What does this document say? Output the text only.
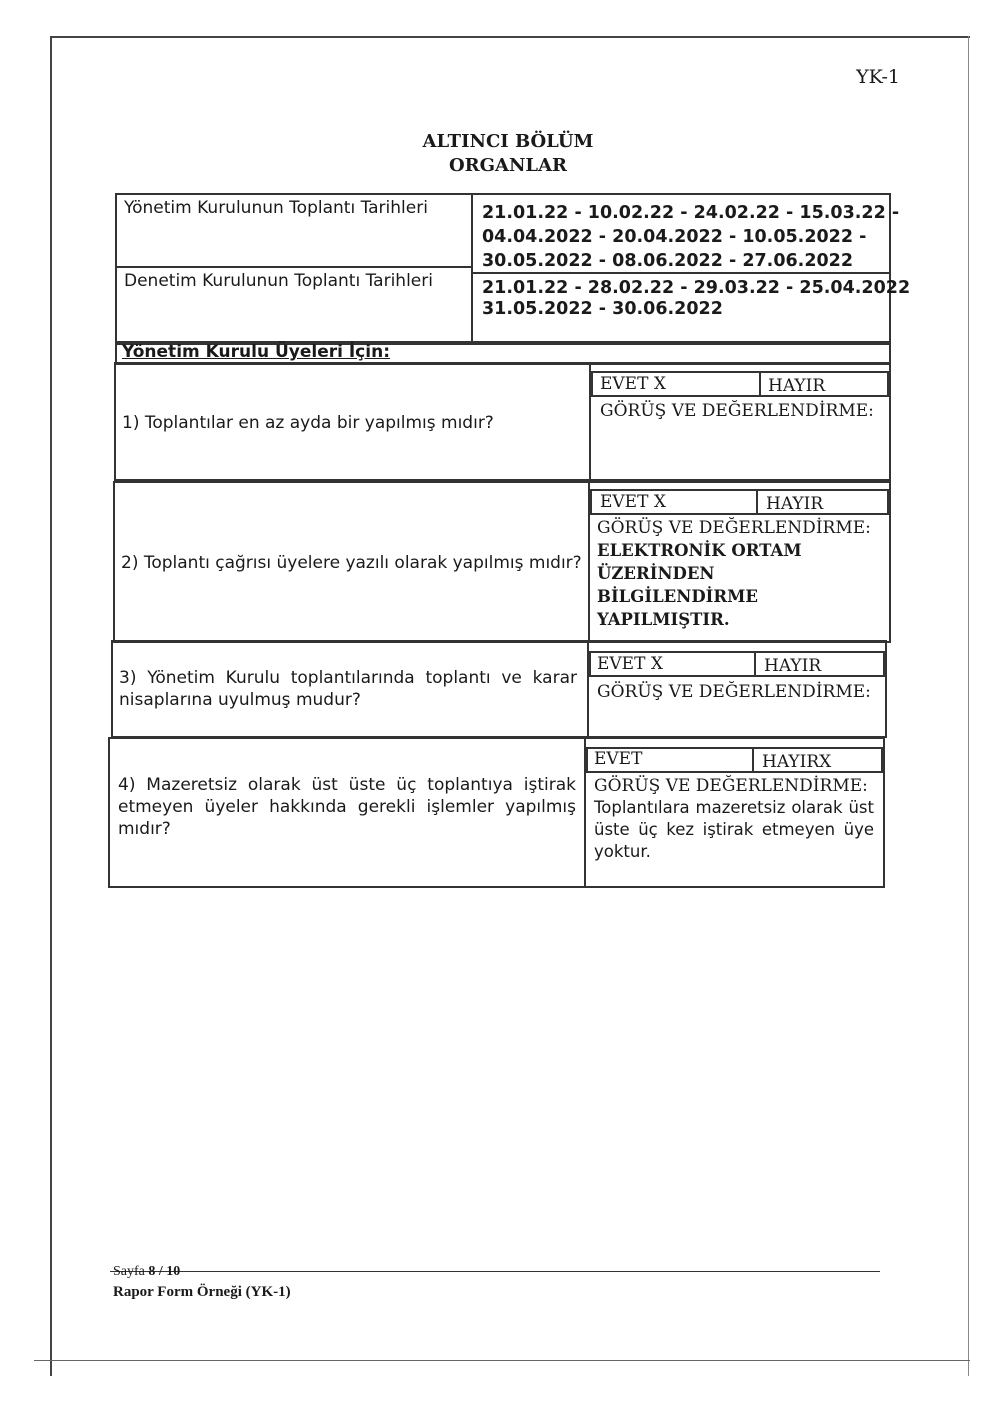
YK-1
ALTINCI BÖLÜM
ORGANLAR
Yönetim Kurulunun Toplantı Tarihleri	21.01.22 - 10.02.22 - 24.02.22 - 15.03.22 -
04.04.2022 - 20.04.2022 - 10.05.2022 -
30.05.2022 - 08.06.2022 - 27.06.2022
Denetim Kurulunun Toplantı Tarihleri	21.01.22 - 28.02.22 - 29.03.22 - 25.04.2022
31.05.2022 - 30.06.2022
Yönetim Kurulu Üyeleri İçin:
1) Toplantılar en az ayda bir yapılmış mıdır?
EVET X	HAYIR
GÖRÜŞ VE DEĞERLENDİRME:
2) Toplantı çağrısı üyelere yazılı olarak yapılmış mıdır?
EVET X	HAYIR
GÖRÜŞ VE DEĞERLENDİRME:
ELEKTRONİK ORTAM ÜZERİNDEN BİLGİLENDİRME YAPILMIŞTIR.
3) Yönetim Kurulu toplantılarında toplantı ve karar nisaplarına uyulmuş mudur?
EVET X	HAYIR
GÖRÜŞ VE DEĞERLENDİRME:
4) Mazeretsiz olarak üst üste üç toplantıya iştirak etmeyen üyeler hakkında gerekli işlemler yapılmış mıdır?
EVET	HAYIRX
GÖRÜŞ VE DEĞERLENDİRME:
Toplantılara mazeretsiz olarak üst üste üç kez iştirak etmeyen üye yoktur.
Sayfa 8 / 10
Rapor Form Örneği (YK-1)
